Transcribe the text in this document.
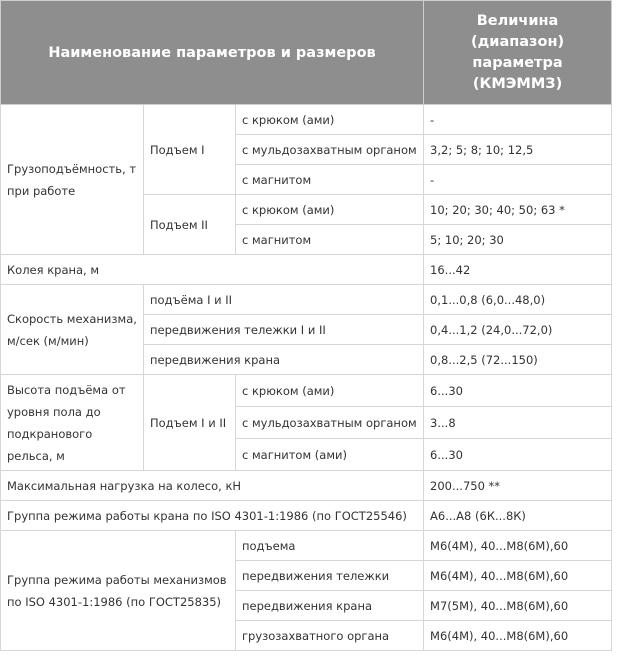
Наименование параметров и размеров			Величина
(диапазон)
параметра
(КМЭММЗ)

Грузоподъёмность, т при работе	Подъем I	с крюком (ами)	-
		с мульдозахватным органом	3,2; 5; 8; 10; 12,5
		с магнитом	-
	Подъем II	с крюком (ами)	10; 20; 30; 40; 50; 63 *
		с магнитом	5; 10; 20; 30
Колея крана, м			16...42
Скорость механизма, м/сек (м/мин)	подъёма I и II		0,1...0,8 (6,0...48,0)
	передвижения тележки I и II		0,4...1,2 (24,0...72,0)
	передвижения крана		0,8...2,5 (72...150)
Высота подъёма от уровня пола до подкранового рельса, м	Подъем I и II	с крюком (ами)	6...30
		с мульдозахватным органом	3...8
		с магнитом (ами)	6...30
Максимальная нагрузка на колесо, кН			200...750 **
Группа режима работы крана по ISO 4301-1:1986 (по ГОСТ25546)			А6...А8 (6К...8К)
Группа режима работы механизмов по ISO 4301-1:1986 (по ГОСТ25835)		подъема	M6(4M), 40...M8(6M),60
		передвижения тележки	M6(4M), 40...M8(6M),60
		передвижения крана	M7(5M), 40...M8(6M),60
		грузозахватного органа	M6(4M), 40...M8(6M),60
